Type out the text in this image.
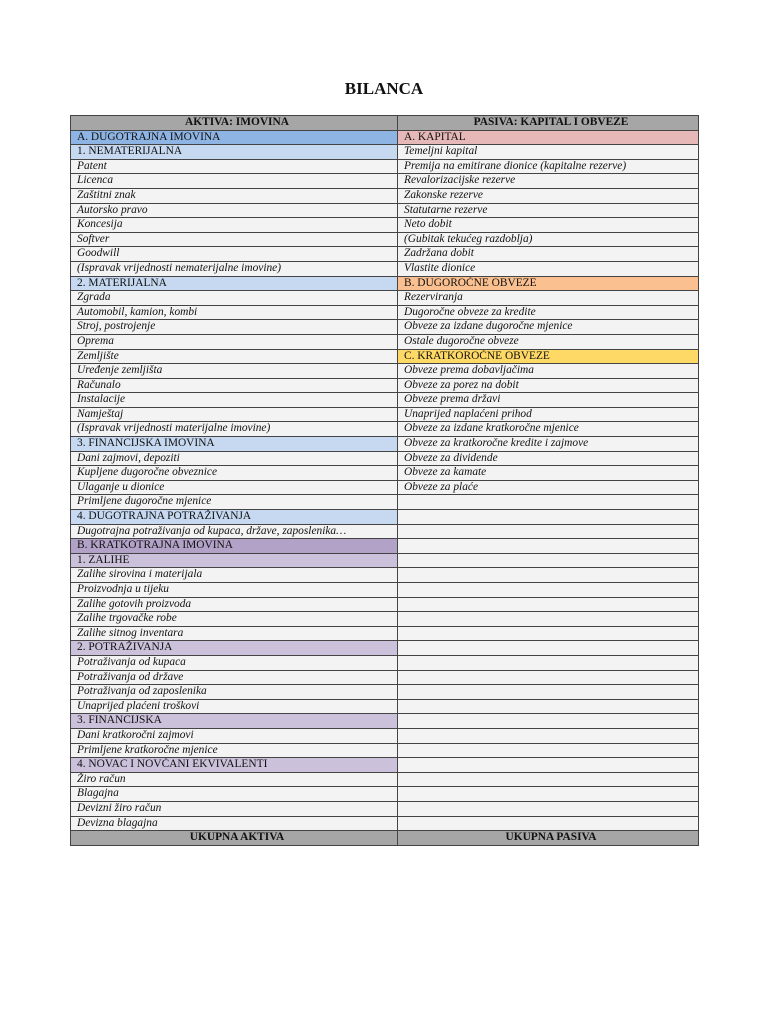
BILANCA
AKTIVA: IMOVINA	PASIVA: KAPITAL I OBVEZE
A. DUGOTRAJNA IMOVINA	A. KAPITAL
1. NEMATERIJALNA	Temeljni kapital
Patent	Premija na emitirane dionice (kapitalne rezerve)
Licenca	Revalorizacijske rezerve
Zaštitni znak	Zakonske rezerve
Autorsko pravo	Statutarne rezerve
Koncesija	Neto dobit
Softver	(Gubitak tekućeg razdoblja)
Goodwill	Zadržana dobit
(Ispravak vrijednosti nematerijalne imovine)	Vlastite dionice
2. MATERIJALNA	B. DUGOROČNE OBVEZE
Zgrada	Rezerviranja
Automobil, kamion, kombi	Dugoročne obveze za kredite
Stroj, postrojenje	Obveze za izdane dugoročne mjenice
Oprema	Ostale dugoročne obveze
Zemljište	C. KRATKOROČNE OBVEZE
Uređenje zemljišta	Obveze prema dobavljačima
Računalo	Obveze za porez na dobit
Instalacije	Obveze prema državi
Namještaj	Unaprijed naplaćeni prihod
(Ispravak vrijednosti materijalne imovine)	Obveze za izdane kratkoročne mjenice
3. FINANCIJSKA IMOVINA	Obveze za kratkoročne kredite i zajmove
Dani zajmovi, depoziti	Obveze za dividende
Kupljene dugoročne obveznice	Obveze za kamate
Ulaganje u dionice	Obveze za plaće
Primljene dugoročne mjenice	
4. DUGOTRAJNA POTRAŽIVANJA	
Dugotrajna potraživanja od kupaca, države, zaposlenika…	
B. KRATKOTRAJNA IMOVINA	
1. ZALIHE	
Zalihe sirovina i materijala	
Proizvodnja u tijeku	
Zalihe gotovih proizvoda	
Zalihe trgovačke robe	
Zalihe sitnog inventara	
2. POTRAŽIVANJA	
Potraživanja od kupaca	
Potraživanja od države	
Potraživanja od zaposlenika	
Unaprijed plaćeni troškovi	
3. FINANCIJSKA	
Dani kratkoročni zajmovi	
Primljene kratkoročne mjenice	
4. NOVAC I NOVČANI EKVIVALENTI	
Žiro račun	
Blagajna	
Devizni žiro račun	
Devizna blagajna	
UKUPNA AKTIVA	UKUPNA PASIVA
